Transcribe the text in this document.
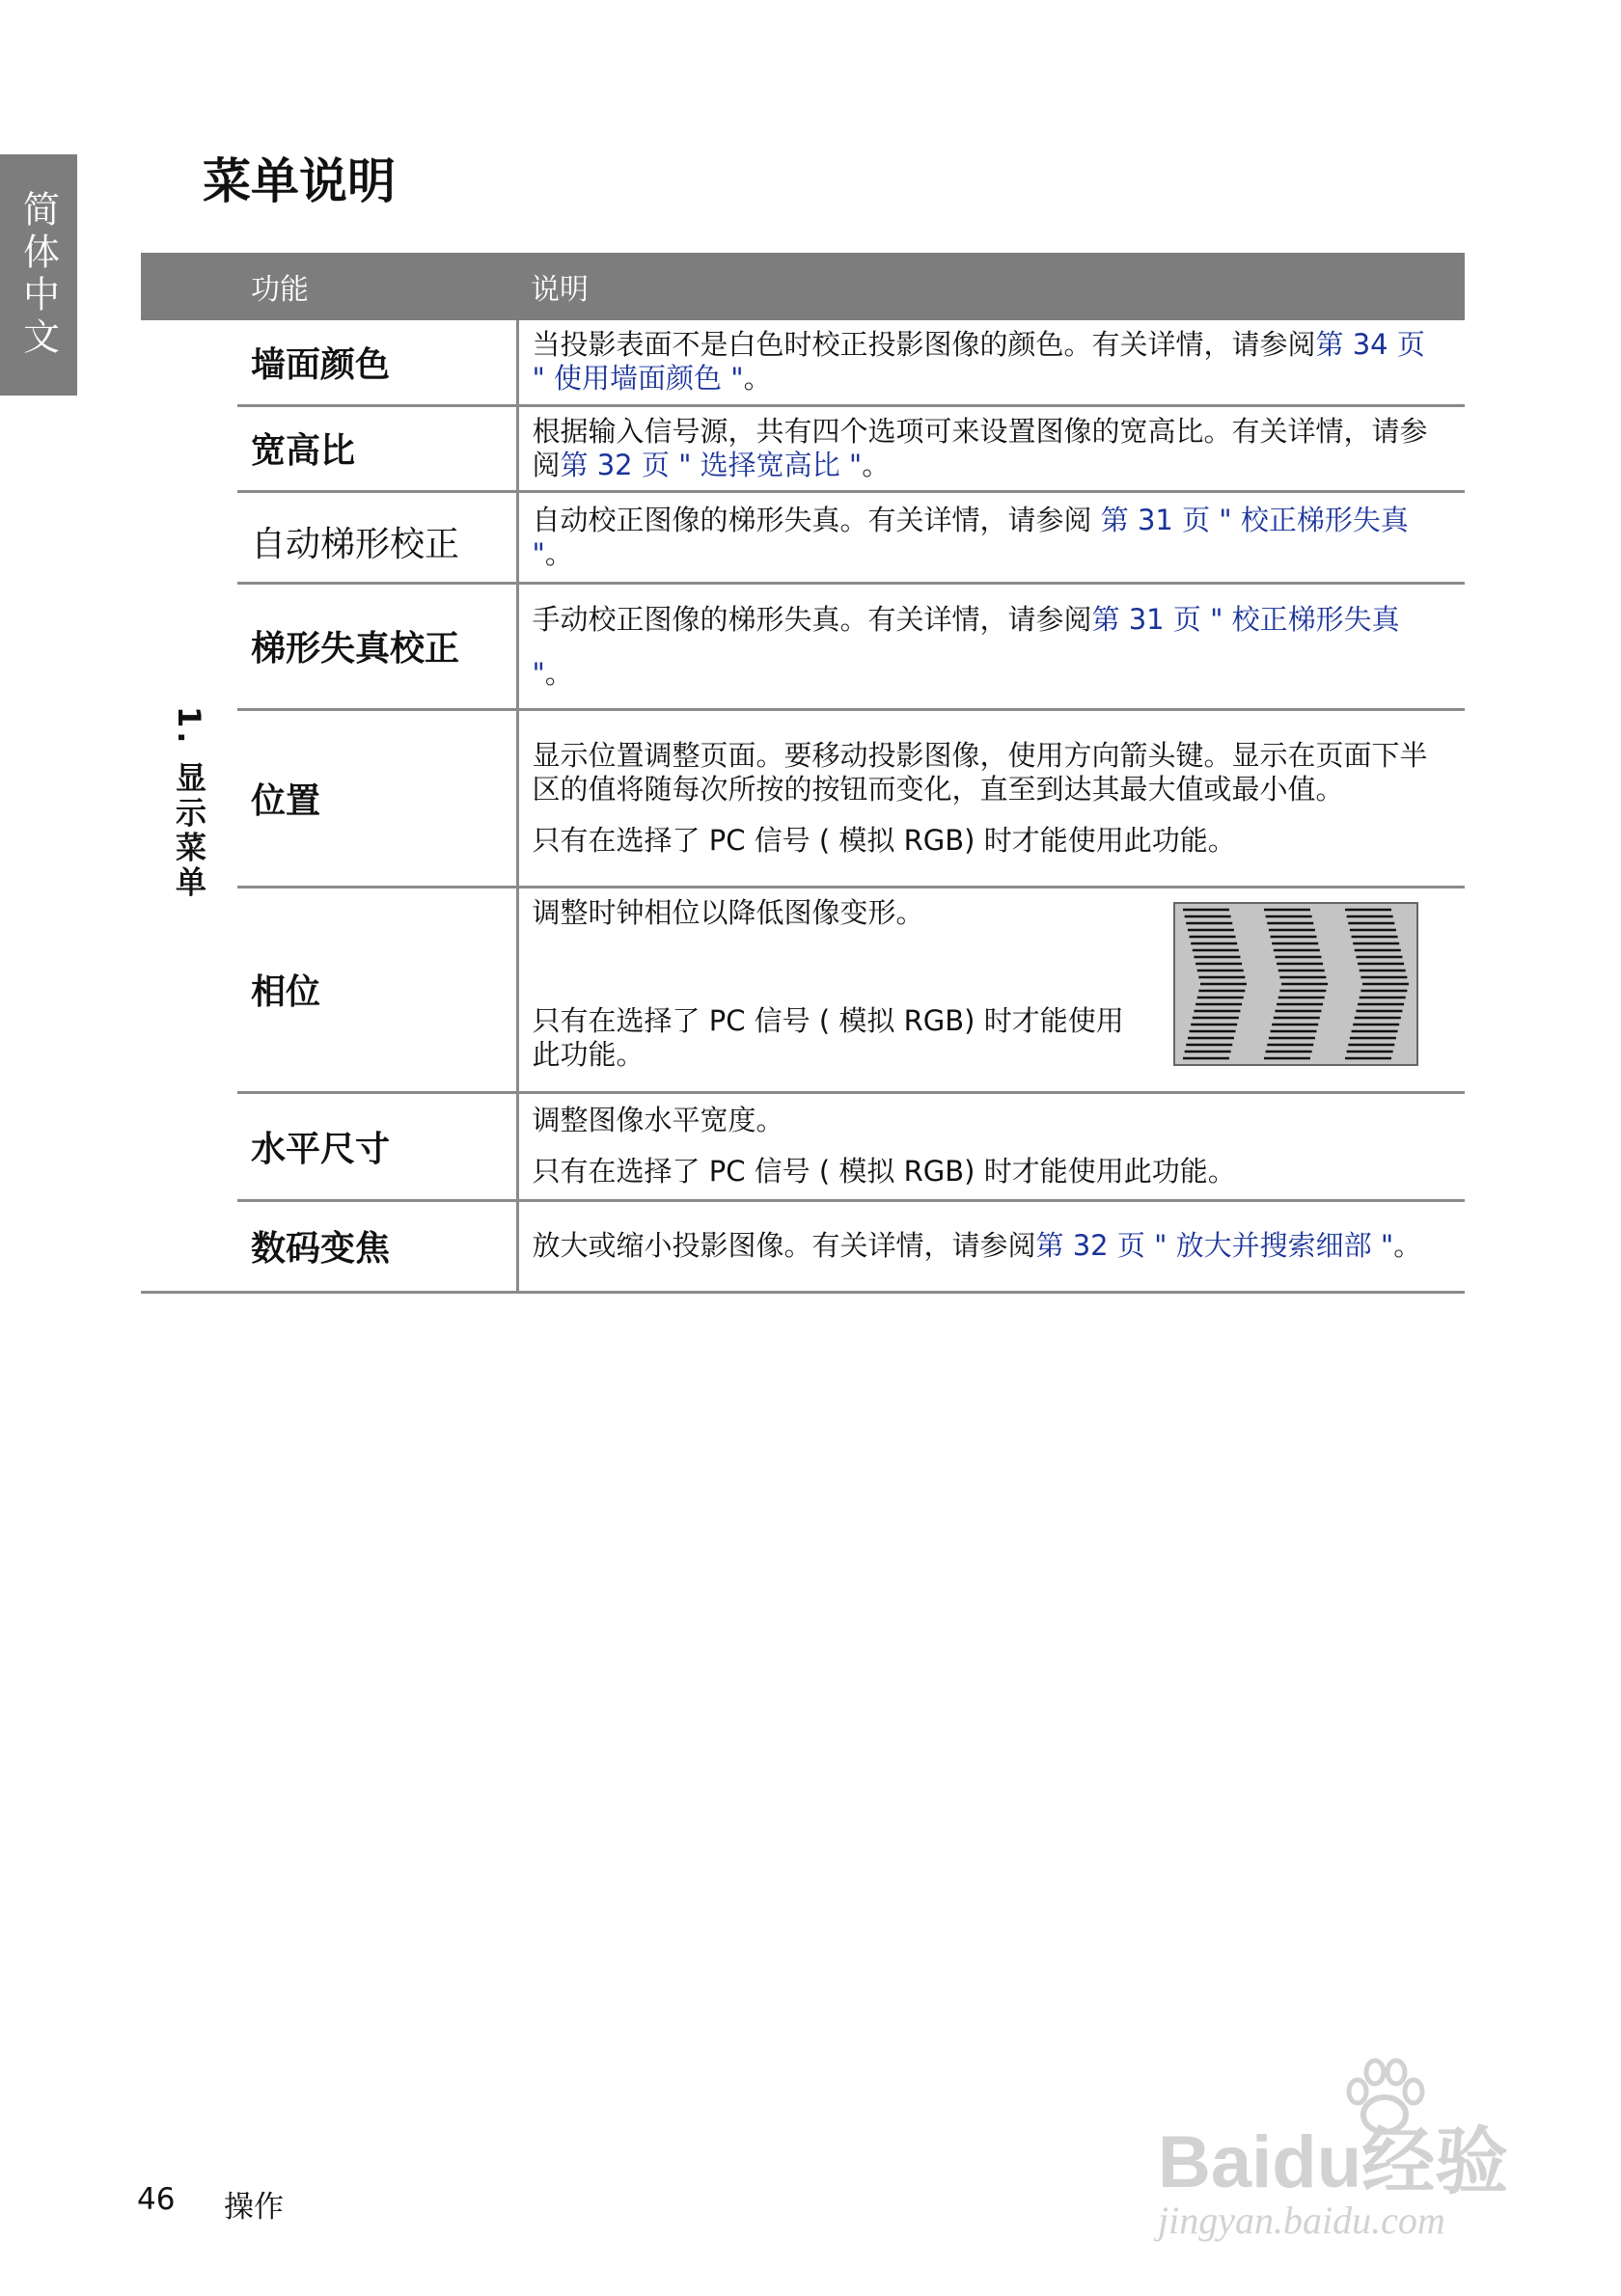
简体中文
菜单说明
	功能	说明
1. 显示菜单	墙面颜色	当投影表面不是白色时校正投影图像的颜色。有关详情，请参阅第 34 页 " 使用墙面颜色 "。
	宽高比	根据输入信号源，共有四个选项可来设置图像的宽高比。有关详情，请参阅第 32 页 " 选择宽高比 "。
	自动梯形校正	自动校正图像的梯形失真。有关详情，请参阅 第 31 页 " 校正梯形失真 "。
	梯形失真校正	手动校正图像的梯形失真。有关详情，请参阅第 31 页 " 校正梯形失真 "。
	位置	显示位置调整页面。要移动投影图像，使用方向箭头键。显示在页面下半区的值将随每次所按的按钮而变化，直至到达其最大值或最小值。

只有在选择了 PC 信号 ( 模拟 RGB) 时才能使用此功能。

	相位	调整时钟相位以降低图像变形。

只有在选择了 PC 信号 ( 模拟 RGB) 时才能使用此功能。

	水平尺寸	调整图像水平宽度。

只有在选择了 PC 信号 ( 模拟 RGB) 时才能使用此功能。

	数码变焦	放大或缩小投影图像。有关详情，请参阅第 32 页 " 放大并搜索细部 "。
46 操作
Baidu经验
jingyan.baidu.com
